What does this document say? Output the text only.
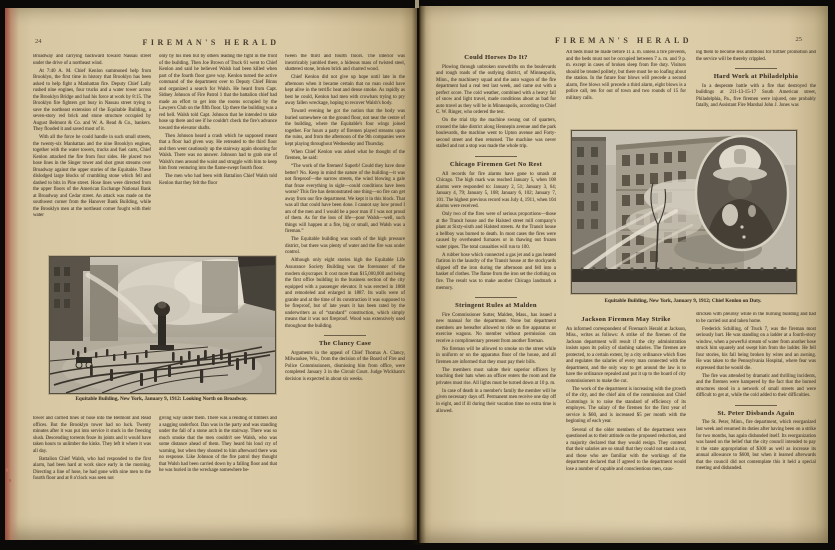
24	FIREMAN'S HERALD

Broadway and carrying backward toward Nassau street under the drive of a northeast wind.

At 7:40 A. M. Chief Kenlon summoned help from Brooklyn, the first time in history that Brooklyn has been asked to help fight a Manhattan fire. Deputy Chief Lally rushed nine engines, four trucks and a water tower across the Brooklyn Bridge and had his force at work by 8:15. The Brooklyn fire fighters got busy in Nassau street trying to save the northeast extension of the Equitable Building, a seven-story red brick and stone structure occupied by August Belmont & Co. and W. A. Read & Co., bankers. They flooded it and saved most of it.

With all the force he could handle in such small streets, the twenty-six Manhattan and the nine Brooklyn engines, together with the water towers, trucks and fuel carts, Chief Kenlon attacked the fire from four sides. He placed two hose lines in the Singer tower and shot great streams over Broadway against the upper stories of the Equitable. These dislodged large blocks of crumbling stone which fell and dashed to bits in Pine street. Hose lines were directed from the upper floors of the American Exchange National Bank at Broadway and Cedar street. An attack was made on the southwest corner from the Hanover Bank Building, while the Brooklyn men at the northeast corner fought with their water

only by his men but by others leading the fight in the front of the building. Then Joe Brown of Truck 61 went to Chief Kenlon and said he believed Walsh had been killed when part of the fourth floor gave way. Kenlon turned the active command of the department over to Deputy Chief Binns and organized a search for Walsh. He heard from Capt. Sidney Johnson of Fire Patrol 1 that the battalion chief had made an effort to get into the rooms occupied by the Lawyers Club on the fifth floor. Up there the building was a red hell. Walsh told Capt. Johnson that he intended to take hose up there and see if he couldn't check the fire's advance toward the elevator shafts.

Then Johnson heard a crash which he supposed meant that a floor had given way. He retreated to the third floor and then went cautiously up the stairway again shouting for Walsh. There was no answer. Johnson had to grab one of Walsh's men around the waist and struggle with him to keep him from venturing into the flame-swept fourth floor.

The men who had been with Battalion Chief Walsh told Kenlon that they felt the floor

tween the third and fourth floors. The interior was inextricably jumbled there, a hideous mass of twisted steel, shattered stone, broken brick and charred wood.

Chief Kenlon did not give up hope until late in the afternoon when it became certain that no man could have kept alive in the terrific heat and dense smoke. As rapidly as best he could, Kenlon had men with crowbars trying to pry away fallen wreckage, hoping to recover Walsh's body.

Toward evening he got the notion that the body was buried somewhere on the ground floor, not near the centre of the building, where the Equitable's four wings joined together. For hours a party of firemen played streams upon the ruins, and from the afternoon of the 9th companies were kept playing throughout Wednesday and Thursday.

When Chief Kenlon was asked what he thought of the firemen, he said:

“The work of the firemen! Superb! Could they have done better? No. Keep in mind the nature of the building—it was not fireproof—the narrow streets, the wind blowing a gale that froze everything in sight—could conditions have been worse? This fire has demonstrated one thing—no fire can get away from our fire department. We kept it in this block. That was all that could have been done. I cannot say how proud I am of the men and I would be a poor man if I was not proud of them. As for the loss of life—poor Walsh—well, such things will happen at a fire, big or small, and Walsh was a fireman.”

The Equitable building was south of the high pressure district, but there was plenty of water and the fire was under control.

Although only eight stories high the Equitable Life Assurance Society Building was the forerunner of the modern skyscraper. It cost more than $15,000,000 and being the first office building in the business section of the city equipped with a passenger elevator. It was erected in 1868 and remodeled and enlarged in 1887. Its walls were of granite and at the time of its construction it was supposed to be fireproof, but of late years it has been rated by the underwriters as of “standard” construction, which simply means that it was not fireproof. Wood was extensively used throughout the building.

The Clancy Case

Arguments in the appeal of Chief Thomas A. Clancy, Milwaukee, Wis., from the decision of the Board of Fire and Police Commissioners, dismissing him from office, were completed January 3 in the Circuit Court. Judge Wickham's decision is expected in about six weeks.

Equitable Building, New York, January 9, 1912: Looking North on Broadway.

tower and carried lines of hose into the Belmont and Read offices. But the Brooklyn tower had no luck. Twenty minutes after it was put into service it stuck in the freezing slush. Descending torrents froze its joints and it would have taken hours to unlimber the kinks. They left it where it was all day.

Battalion Chief Walsh, who had responded to the first alarm, had been hard at work since early in the morning. Directing a line of hose, he had gone with nine men to the fourth floor and at 8 o'clock was seen not

giving way under them. There was a rending of timbers and a sagging underfoot. Dan was in the party and was standing under the fall of a stone arch in the stairway. There was so much smoke that the men couldn't see Walsh, who was some distance ahead of them. They heard his loud cry of warning, but when they shouted to him afterward there was no response. Like Johnson of the fire patrol they thought that Walsh had been carried down by a falling floor and that he was buried in the wreckage somewhere be-

25
FIREMAN'S HERALD
Could Horses Do It?

Plowing through unbroken snowdrifts on the boulevards and rough roads of the outlying district, of Minneapolis, Minn., the machinery squad and the auto wagon of the fire department had a real test last week, and came out with a perfect score. The cold weather, combined with a heavy fall of snow and light travel, made conditions about as bad for auto travel as they will be in Minneapolis, according to Chief C. W. Ringer, who ordered the test.

On the trial trip the machine swung out of quarters, crossed the lake district along Hennepin avenue and the park boulevards, the machine went to Upton avenue and Forty-second street and then returned. The machine was never stalled and not a stop was made the whole trip.

Chicago Firemen Get No Rest

All records for fire alarms have gone to smash at Chicago. The high mark was reached January 5, when 108 alarms were responded to: January 2, 51; January 3, 64; January 4, 79; January 5, 108; January 6, 102; January 7, 101. The highest previous record was July 4, 1911, when 104 alarms were received.

Only two of the fires were of serious proportions—those at the Transit house and the Halsted street mill company's plant at Sixty-sixth and Halsted streets. At the Transit house a bellboy was burned to death. In most cases the fires were caused by overheated furnaces or in thawing out frozen water pipes. The total casualties will run to 100.

A rubber hose which connected a gas jet and a gas heated flatiron in the laundry of the Transit house at the stockyards slipped off the iron during the afternoon and fell into a basket of clothes. The flame from the iron set the clothing on fire. The result was to make another Chicago landmark a memory.

Stringent Rules at Malden

Fire Commissioner Sutter, Malden, Mass., has issued a new manual for the department. None but department members are hereafter allowed to ride on fire apparatus or exercise wagons. No member without permission can receive a complimentary present from another fireman.

No fireman will be allowed to smoke on the street while in uniform or on the apparatus floor of the house, and all firemen are informed that they must pay their bills.

The members must salute their superior officers by touching their hats when an officer enters the room and the privates must rise. All lights must be turned down at 10 p. m.

In case of death in a member's family the member will be given necessary days off. Permanent men receive one day off in eight, and if ill during their vacation time no extra time is allowed.

All beds must be made before 11 a. m. unless a fire prevents, and the beds must not be occupied between 7 a. m. and 9 p. m. except in cases of broken sleep from fire duty. Visitors should be treated politely, but there must be no loafing about the station. In the future four blows will precede a second alarm, five blows will precede a third alarm, eight blows is a police call, ten for out of town and two rounds of 15 for military calls.

ing them to become less ambitious for further promotion and the service will be thereby crippled.

Hard Work at Philadelphia

In a desperate battle with a fire that destroyed the buildings at 211-13-15-17 South American street, Philadelphia, Pa., five firemen were injured, one probably fatally, and Assistant Fire Marshal John J. Jones was

Equitable Building, New York, January 9, 1912; Chief Kenlon on Duty.
Jackson Firemen May Strike

An informed correspondent of Fireman's Herald at Jackson, Miss., writes as follows: A strike of the firemen of the Jackson department will result if the city administration insists upon its policy of slashing salaries. The firemen are protected, to a certain extent, by a city ordinance which fixes and regulates the salaries of every man connected with the department, and the only way to get around the law is to have the ordinance repealed and put it up to the board of city commissioners to make the cut.

The work of the department is increasing with the growth of the city, and the chief aim of the commission and Chief Cummings is to raise the standard of efficiency of its employes. The salary of the firemen for the first year of service is $60, and is increased $5 per month with the beginning of each year.

Several of the older members of the department were questioned as to their attitude on the proposed reduction, and a majority declared that they would resign. They contend that their salaries are so small that they could not stand a cut, and those who are familiar with the workings of the department declared that if agreed to the department would lose a number of capable and conscientious men, caus-

stricken with pleurisy while in the burning building and had to be carried out and taken home.

Frederick Schilling, of Truck 7, was the fireman most seriously hurt. He was standing on a ladder at a fourth-story window, when a powerful stream of water from another hose struck him squarely and swept him from the ladder. He fell four stories, his fall being broken by wires and an awning. He was taken to the Pennsylvania Hospital, where fear was expressed that he would die.

The fire was attended by dramatic and thrilling incidents, and the firemen were hampered by the fact that the burned structures stood in a network of small streets and were difficult to get at, while the cold added to their difficulties.

St. Peter Disbands Again

The St. Peter, Minn., fire department, which reorganized last week and resumed its duties after having been on a strike for two months, has again disbanded itself. Its reorganization was based on the belief that the city council intended to pay it the state appropriation of $300 as well as increase its annual allowance to $600, but when it learned afterwards that the council did not contemplate this it held a special meeting and disbanded.
